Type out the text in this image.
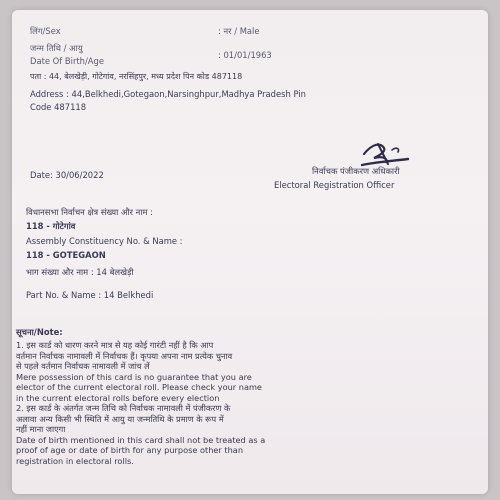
लिंग/Sex	: नर / Male
जन्म तिथि / आयु
Date Of Birth/Age
: 01/01/1963
पता : 44, बेलखेड़ी, गोटेगांव, नरसिंहपुर, मध्य प्रदेश पिन कोड 487118
Address : 44,Belkhedi,Gotegaon,Narsinghpur,Madhya Pradesh Pin
Code 487118
Date: 30/06/2022	निर्वाचक पंजीकरण अधिकारी
Electoral Registration Officer
विधानसभा निर्वाचन क्षेत्र संख्या और नाम :
118 - गोटेगांव
Assembly Constituency No. & Name :
118 - GOTEGAON
भाग संख्या और नाम : 14 बेलखेड़ी
Part No. & Name : 14 Belkhedi
सूचना/Note:
1. इस कार्ड को धारण करने मात्र से यह कोई गारंटी नहीं है कि आप
वर्तमान निर्वाचक नामावली में निर्वाचक हैं। कृपया अपना नाम प्रत्येक चुनाव
से पहले वर्तमान निर्वाचक नामावली में जांच लें
Mere possession of this card is no guarantee that you are
elector of the current electoral roll. Please check your name
in the current electoral rolls before every election
2. इस कार्ड के अंतर्गत जन्म तिथि को निर्वाचक नामावली में पंजीकरण के
अलावा अन्य किसी भी स्थिति में आयु या जन्मतिथि के प्रमाण के रूप में
नहीं माना जाएगा
Date of birth mentioned in this card shall not be treated as a
proof of age or date of birth for any purpose other than
registration in electoral rolls.
